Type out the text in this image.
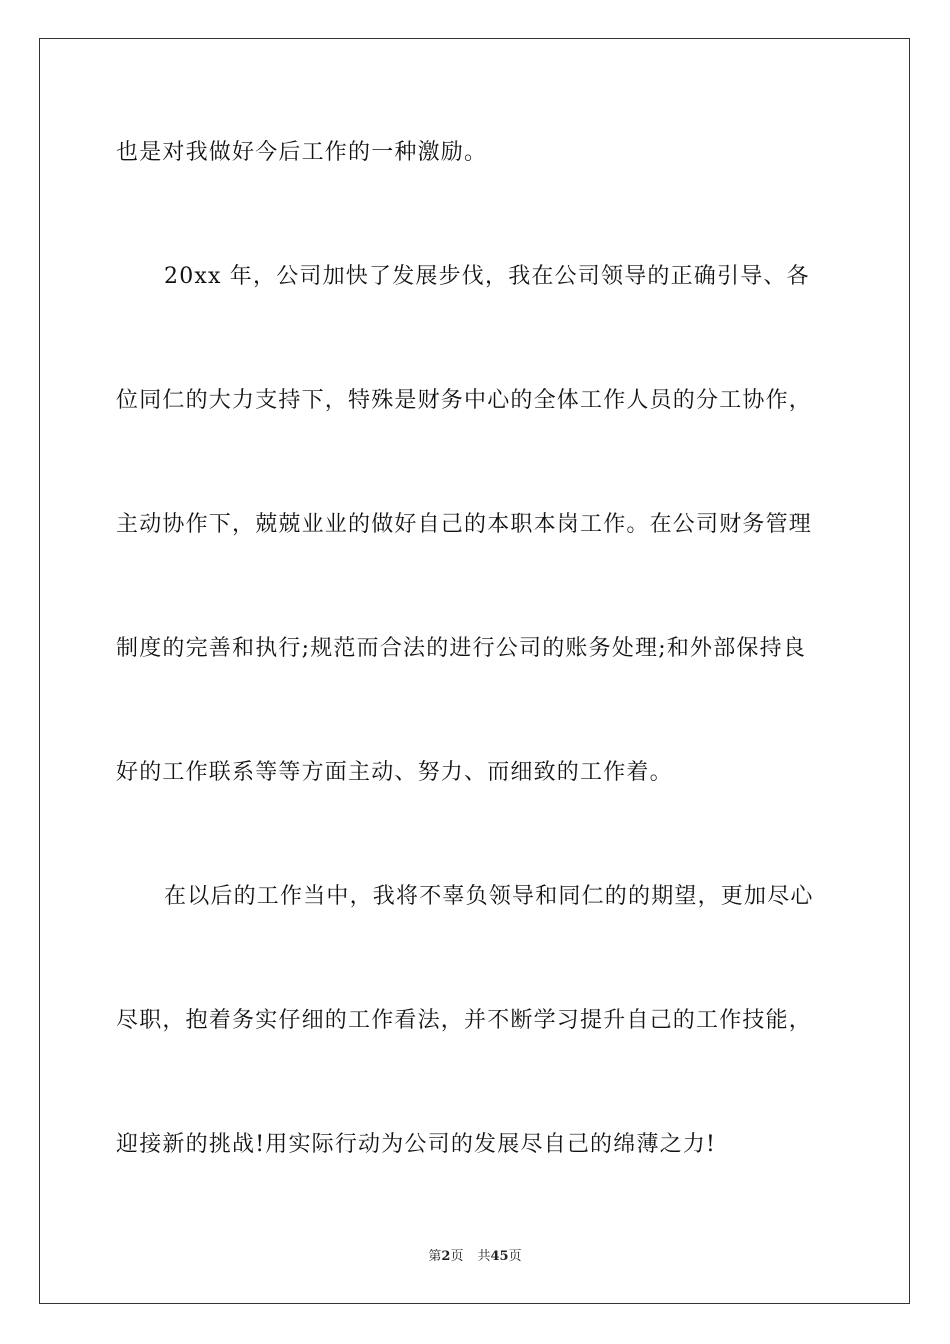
也是对我做好今后工作的一种激励。
20xx 年，公司加快了发展步伐，我在公司领导的正确引导、各
位同仁的大力支持下，特殊是财务中心的全体工作人员的分工协作，
主动协作下，兢兢业业的做好自己的本职本岗工作。在公司财务管理
制度的完善和执行;规范而合法的进行公司的账务处理;和外部保持良
好的工作联系等等方面主动、努力、而细致的工作着。
在以后的工作当中，我将不辜负领导和同仁的的期望，更加尽心
尽职，抱着务实仔细的工作看法，并不断学习提升自己的工作技能，
迎接新的挑战!用实际行动为公司的发展尽自己的绵薄之力!
第2页 共45页
